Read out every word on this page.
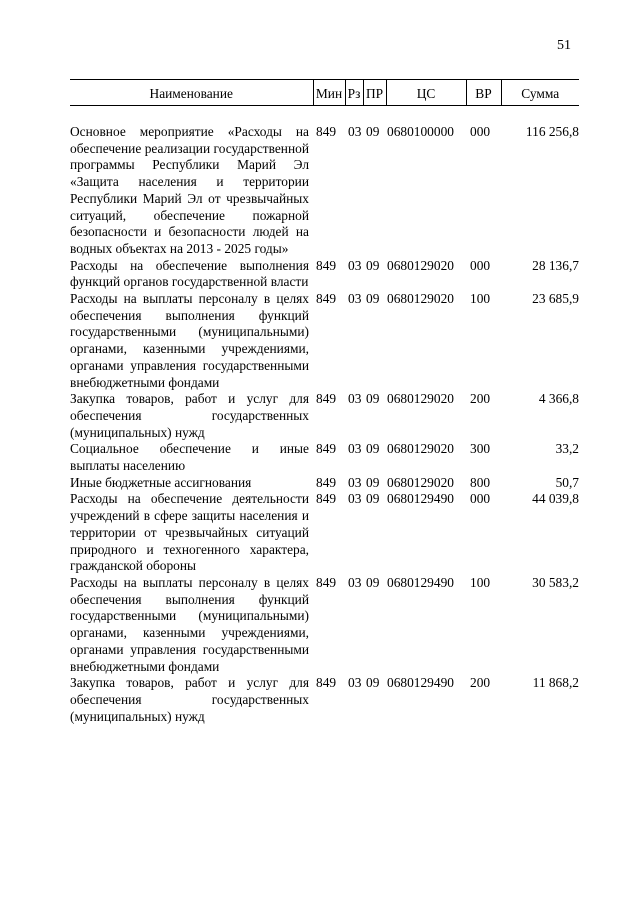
51
Наименование	Мин	Рз	ПР	ЦС	ВР	Сумма

Основное мероприятие «Расходы на обеспечение реализации государственной программы Республики Марий Эл «Защита населения и территории Республики Марий Эл от чрезвычайных ситуаций, обеспечение пожарной безопасности и безопасности людей на водных объектах на 2013 - 2025 годы»	849	03	09	0680100000	000	116 256,8
Расходы на обеспечение выполнения функций органов государственной власти	849	03	09	0680129020	000	28 136,7
Расходы на выплаты персоналу в целях обеспечения выполнения функций государственными (муниципальными) органами, казенными учреждениями, органами управления государственными внебюджетными фондами	849	03	09	0680129020	100	23 685,9
Закупка товаров, работ и услуг для обеспечения государственных (муниципальных) нужд	849	03	09	0680129020	200	4 366,8
Социальное обеспечение и иные выплаты населению	849	03	09	0680129020	300	33,2
Иные бюджетные ассигнования	849	03	09	0680129020	800	50,7
Расходы на обеспечение деятельности учреждений в сфере защиты населения и территории от чрезвычайных ситуаций природного и техногенного характера, гражданской обороны	849	03	09	0680129490	000	44 039,8
Расходы на выплаты персоналу в целях обеспечения выполнения функций государственными (муниципальными) органами, казенными учреждениями, органами управления государственными внебюджетными фондами	849	03	09	0680129490	100	30 583,2
Закупка товаров, работ и услуг для обеспечения государственных (муниципальных) нужд	849	03	09	0680129490	200	11 868,2
